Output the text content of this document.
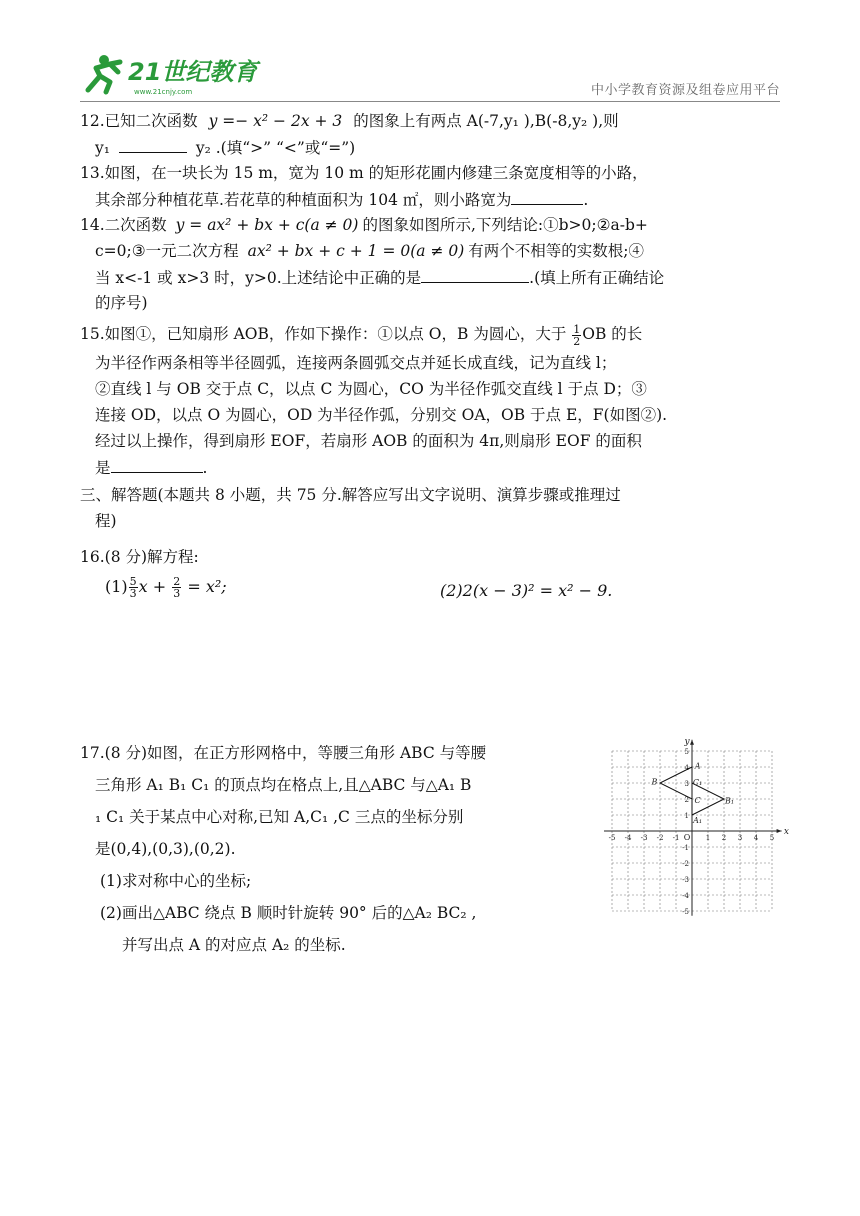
21世纪教育
www.21cnjy.com	中小学教育资源及组卷应用平台
12.已知二次函数 y =− x² − 2x + 3 的图象上有两点 A(-7,y₁ ),B(-8,y₂ ),则
y₁	y₂ .(填“>” “<”或“=”)
13.如图，在一块长为 15 m，宽为 10 m 的矩形花圃内修建三条宽度相等的小路，
其余部分种植花草.若花草的种植面积为 104 ㎡，则小路宽为	.
14.二次函数 y = ax² + bx + c(a ≠ 0) 的图象如图所示,下列结论:①b>0;②a-b+
c=0;③一元二次方程 ax² + bx + c + 1 = 0(a ≠ 0) 有两个不相等的实数根;④
当 x<-1 或 x>3 时，y>0.上述结论中正确的是	.(填上所有正确结论
的序号)
15.如图①，已知扇形 AOB，作如下操作：①以点 O，B 为圆心，大于 $\frac{1}{2}$ OB 的长
为半径作两条相等半径圆弧，连接两条圆弧交点并延长成直线，记为直线 l；
②直线 l 与 OB 交于点 C，以点 C 为圆心，CO 为半径作弧交直线 l 于点 D；③
连接 OD，以点 O 为圆心，OD 为半径作弧，分别交 OA，OB 于点 E，F(如图②).
经过以上操作，得到扇形 EOF，若扇形 AOB 的面积为 4π,则扇形 EOF 的面积
是	.
三、解答题(本题共 8 小题，共 75 分.解答应写出文字说明、演算步骤或推理过
程)
16.(8 分)解方程:
$(1) \frac{5}{3}$ $x + \frac{2}{3} = x^2$;	(2)2(x − 3)² = x² − 9.
17.(8 分)如图，在正方形网格中，等腰三角形 ABC 与等腰
三角形 A₁ B₁ C₁ 的顶点均在格点上,且△ABC 与△A₁ B
₁ C₁ 关于某点中心对称,已知 A,C₁ ,C 三点的坐标分别
是(0,4),(0,3),(0,2).
(1)求对称中心的坐标;
(2)画出△ABC 绕点 B 顺时针旋转 90° 后的△A₂ BC₂ ,
并写出点 A 的对应点 A₂ 的坐标.
x
y
O
-5 -4 -3 -2 -1	1 2 3 4 5
5
4
3
2
1
-1
-2
-3
-4
-5
A
B
C
A₁
B₁
C₁
